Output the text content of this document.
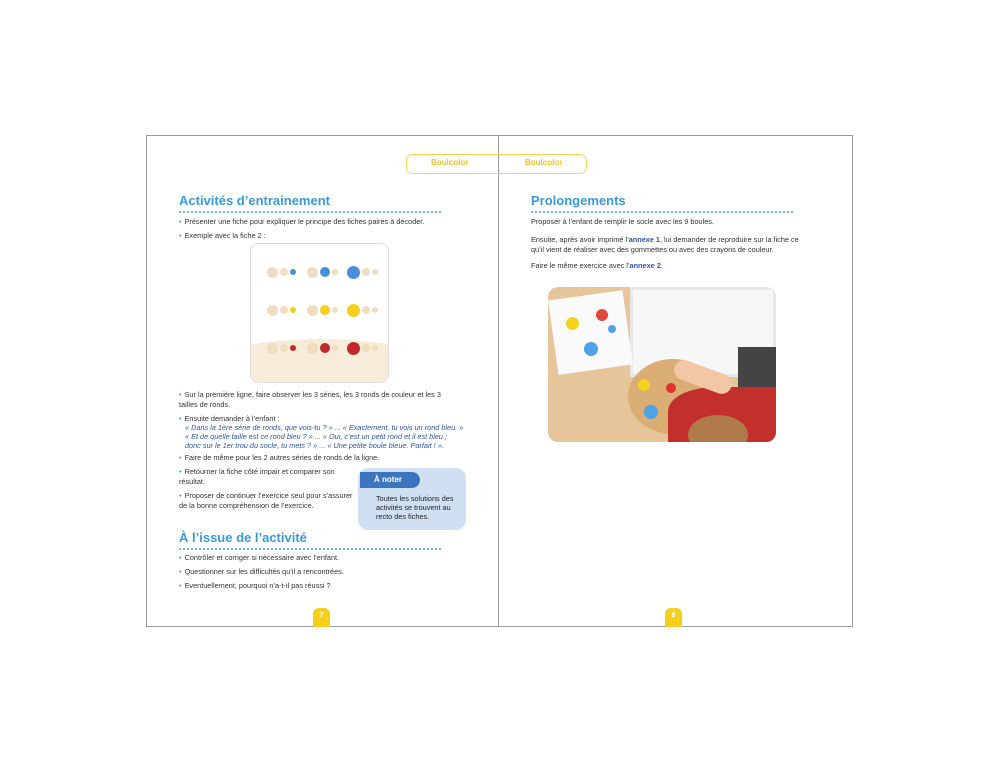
Boulcolor	Boulcolor
Activités d’entrainement
• Présenter une fiche pour expliquer le principe des fiches paires à décoder.
• Exemple avec la fiche 2 :
• Sur la première ligne, faire observer les 3 séries, les 3 ronds de couleur et les 3 tailles de ronds.
• Ensuite demander à l’enfant :
« Dans la 1ère série de ronds, que vois-tu ? » ... « Exactement, tu vois un rond bleu. »
« Et de quelle taille est ce rond bleu ? » ... « Oui, c’est un petit rond et il est bleu ;
donc sur le 1er trou du socle, tu mets ? » ... « Une petite boule bleue. Parfait ! ».
• Faire de même pour les 2 autres séries de ronds de la ligne.
• Retourner la fiche côté impair et comparer son résultat.
• Proposer de continuer l’exercice seul pour s’assurer de la bonne compréhension de l’exercice.
À noter
Toutes les solutions des activités se trouvent au recto des fiches.
À l’issue de l’activité
• Contrôler et corriger si nécessaire avec l’enfant.
• Questionner sur les difficultés qu’il a rencontrées.
• Eventuellement, pourquoi n’a-t-il pas réussi ?
7
Prolongements
Proposer à l’enfant de remplir le socle avec les 9 boules.
Ensuite, après avoir imprimé l’annexe 1, lui demander de reproduire sur la fiche ce qu’il vient de réaliser avec des gommettes ou avec des crayons de couleur.
Faire le même exercice avec l’annexe 2.
8
